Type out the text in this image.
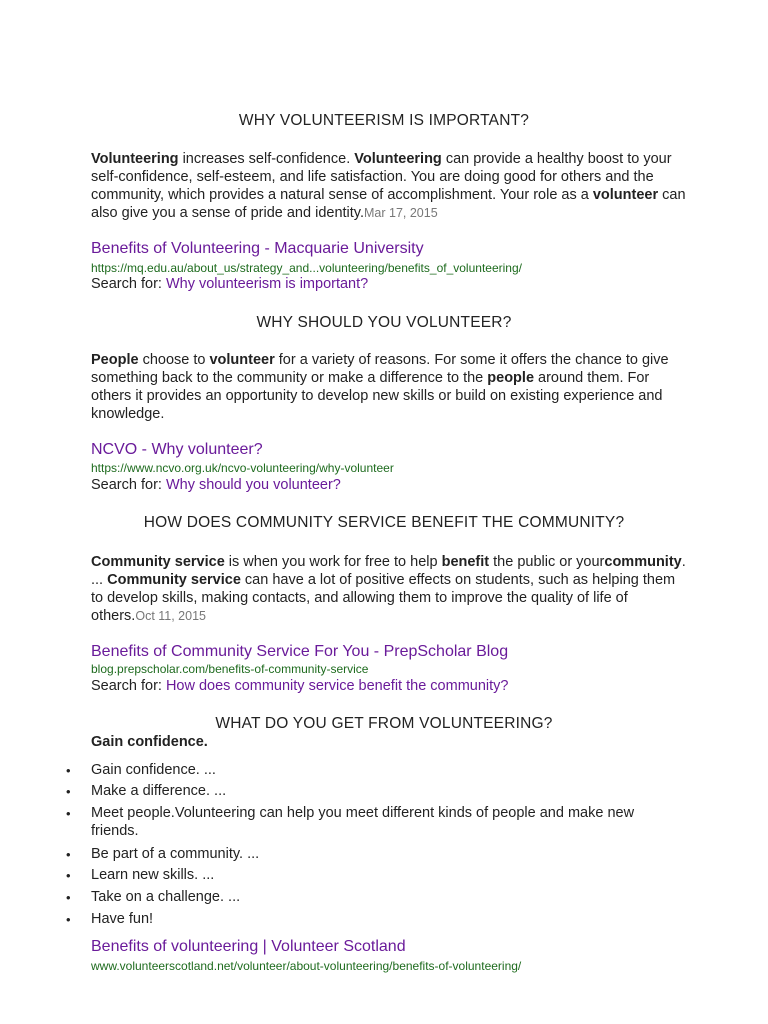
WHY VOLUNTEERISM IS IMPORTANT?
Volunteering increases self-confidence. Volunteering can provide a healthy boost to your self-confidence, self-esteem, and life satisfaction. You are doing good for others and the community, which provides a natural sense of accomplishment. Your role as a volunteer can also give you a sense of pride and identity.Mar 17, 2015
Benefits of Volunteering - Macquarie University
https://mq.edu.au/about_us/strategy_and...volunteering/benefits_of_volunteering/
Search for: Why volunteerism is important?
WHY SHOULD YOU VOLUNTEER?
People choose to volunteer for a variety of reasons. For some it offers the chance to give something back to the community or make a difference to the people around them. For others it provides an opportunity to develop new skills or build on existing experience and knowledge.
NCVO - Why volunteer?
https://www.ncvo.org.uk/ncvo-volunteering/why-volunteer
Search for: Why should you volunteer?
HOW DOES COMMUNITY SERVICE BENEFIT THE COMMUNITY?
Community service is when you work for free to help benefit the public or yourcommunity. ... Community service can have a lot of positive effects on students, such as helping them to develop skills, making contacts, and allowing them to improve the quality of life of others.Oct 11, 2015
Benefits of Community Service For You - PrepScholar Blog
blog.prepscholar.com/benefits-of-community-service
Search for: How does community service benefit the community?
WHAT DO YOU GET FROM VOLUNTEERING?
Gain confidence.
• Gain confidence. ...
• Make a difference. ...
• Meet people.Volunteering can help you meet different kinds of people and make new friends.
• Be part of a community. ...
• Learn new skills. ...
• Take on a challenge. ...
• Have fun!
Benefits of volunteering | Volunteer Scotland
www.volunteerscotland.net/volunteer/about-volunteering/benefits-of-volunteering/
